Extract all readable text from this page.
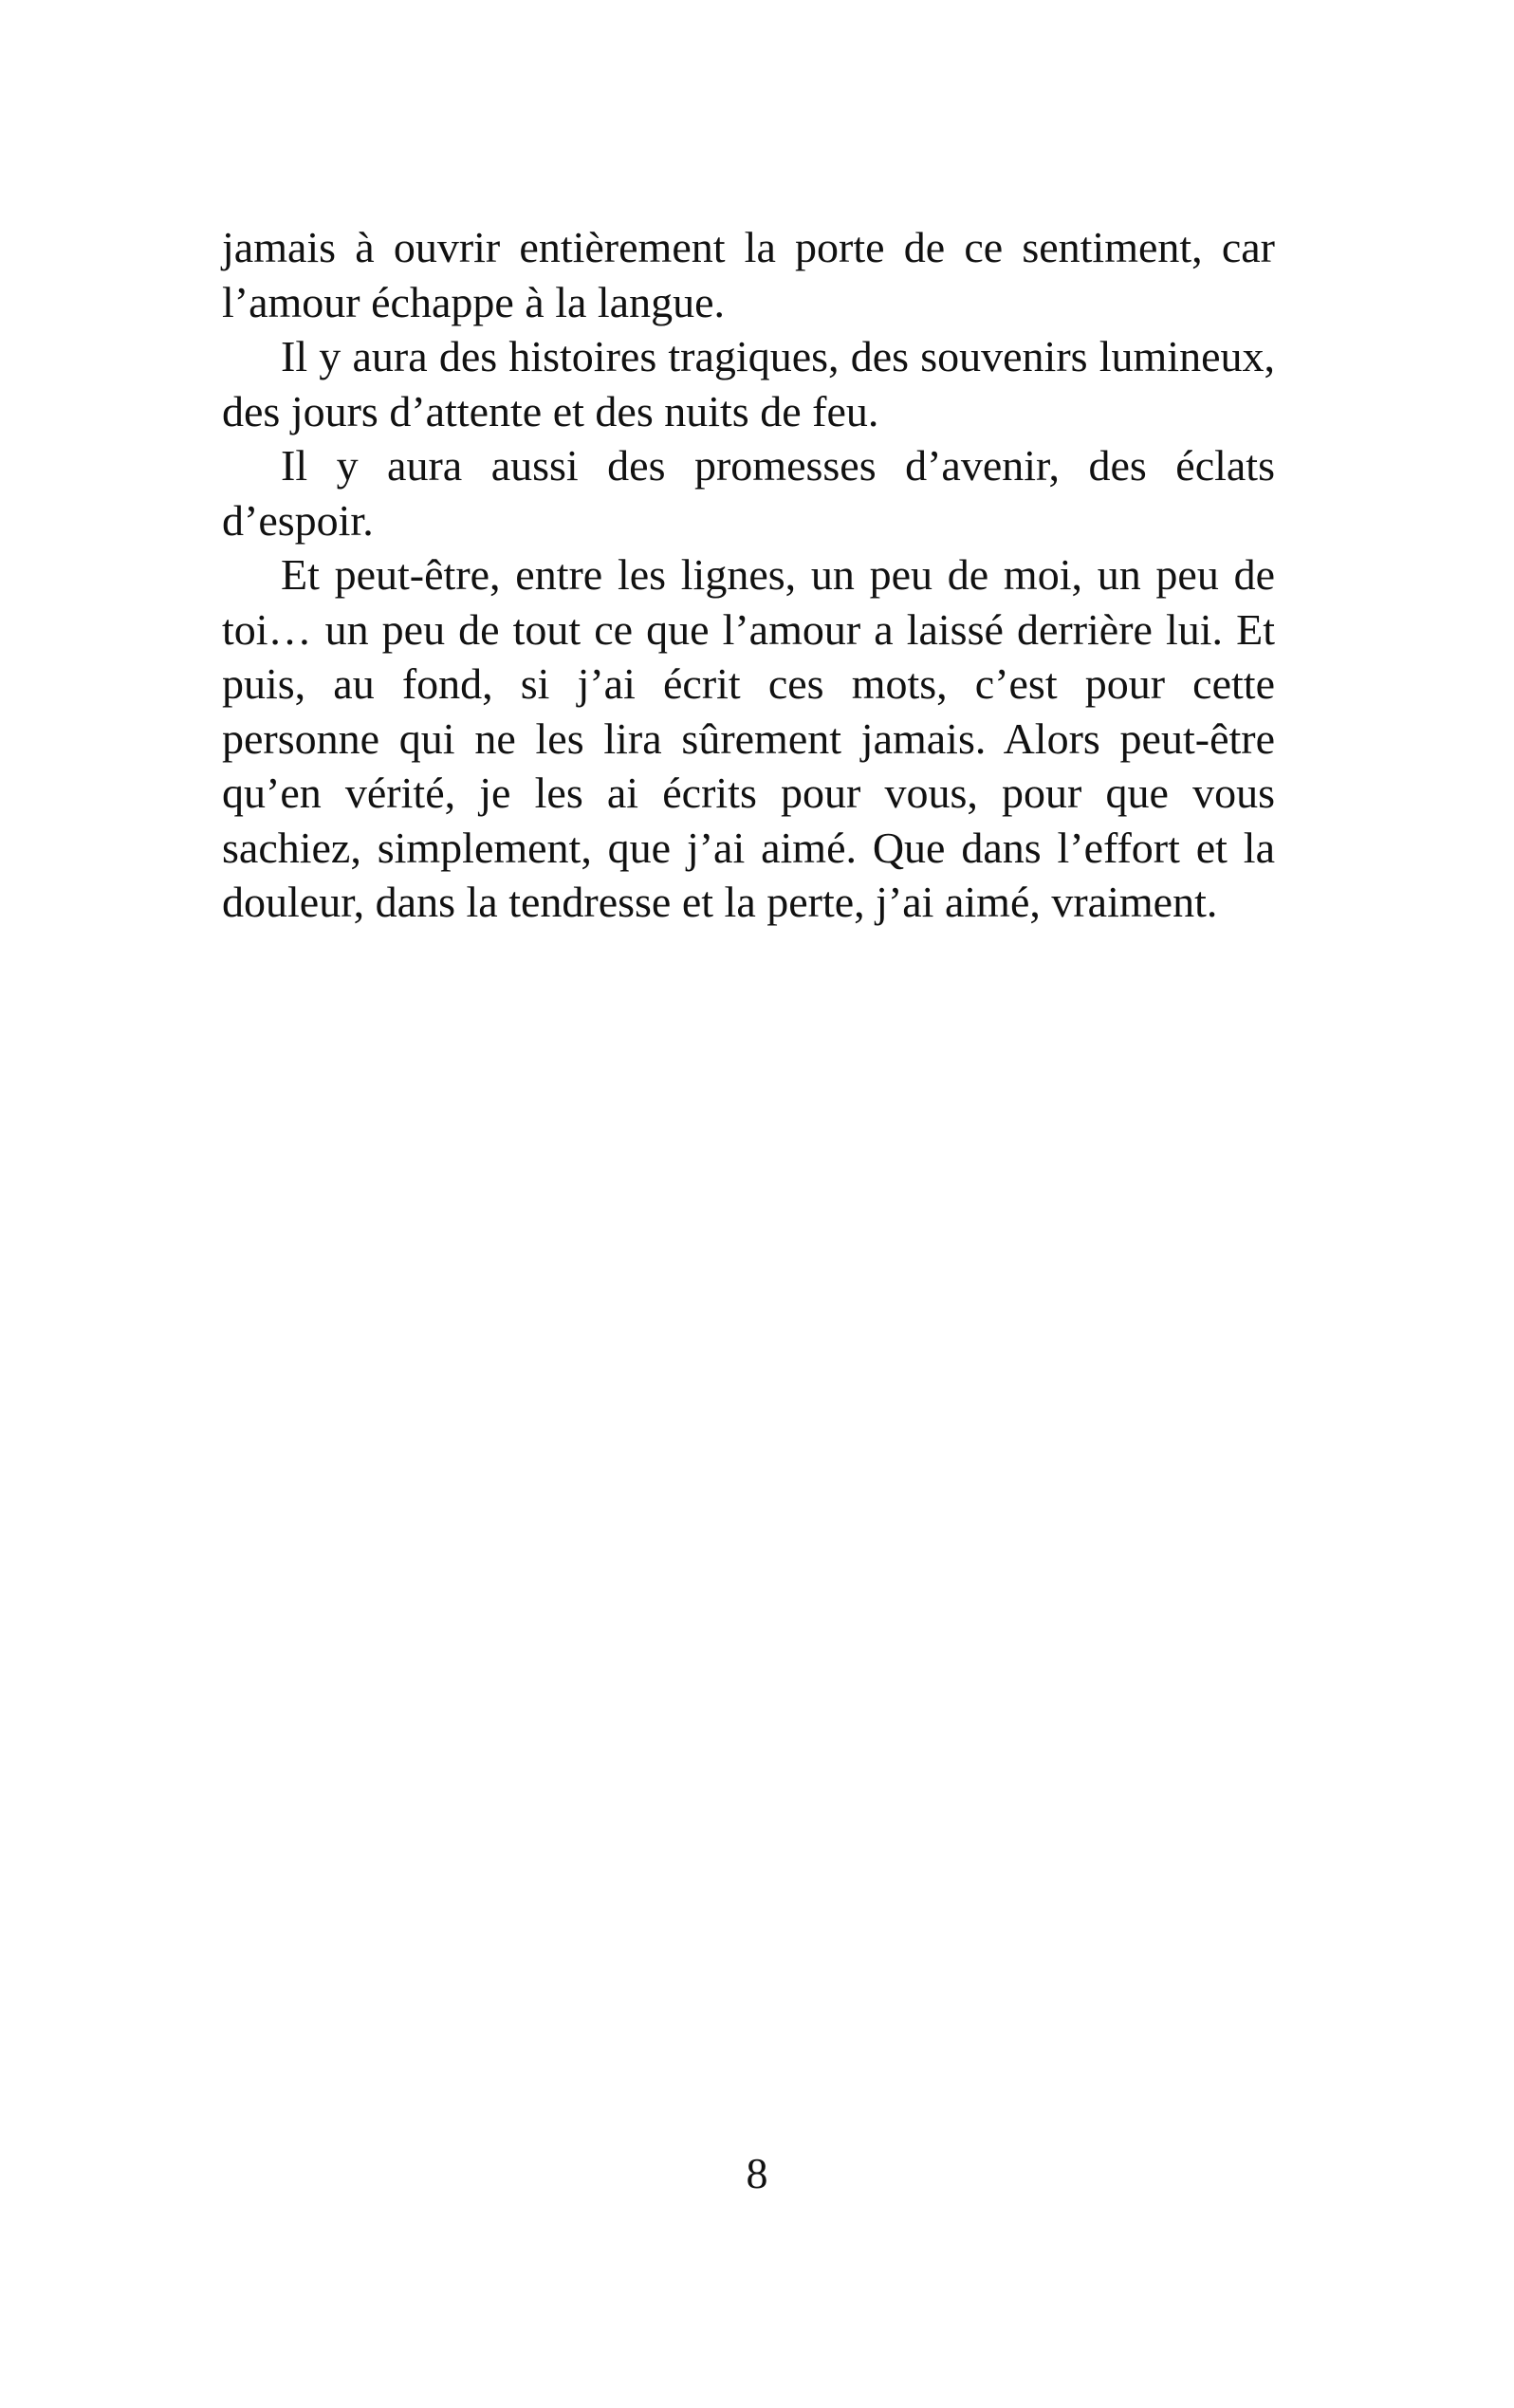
jamais à ouvrir entièrement la porte de ce sentiment, car l’amour échappe à la langue.

Il y aura des histoires tragiques, des souvenirs lumineux, des jours d’attente et des nuits de feu.

Il y aura aussi des promesses d’avenir, des éclats d’espoir.

Et peut-être, entre les lignes, un peu de moi, un peu de toi… un peu de tout ce que l’amour a laissé derrière lui. Et puis, au fond, si j’ai écrit ces mots, c’est pour cette personne qui ne les lira sûrement jamais. Alors peut-être qu’en vérité, je les ai écrits pour vous, pour que vous sachiez, simplement, que j’ai aimé. Que dans l’effort et la douleur, dans la tendresse et la perte, j’ai aimé, vraiment.

8
